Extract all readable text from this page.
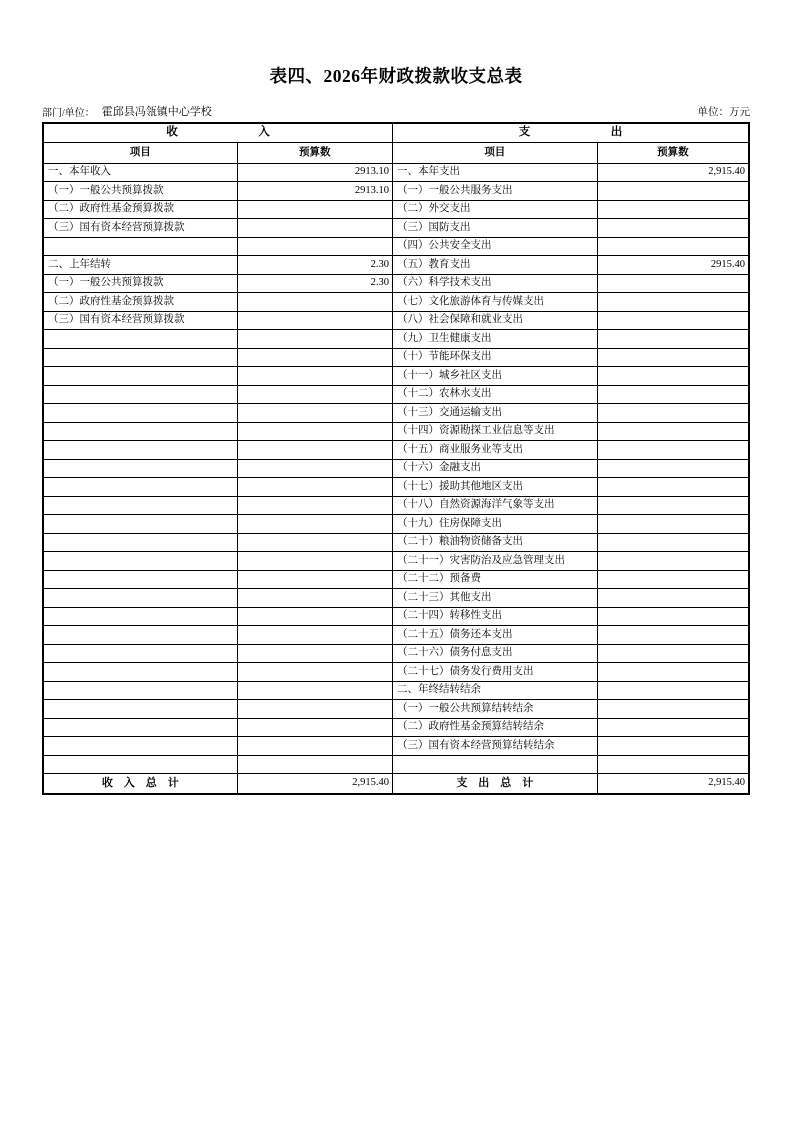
表四、2026年财政拨款收支总表
部门/单位： 霍邱县冯瓴镇中心学校	单位：万元
收　　　　　　　入		支　　　　　　　出	
项目	预算数	项目	预算数
一、本年收入	2913.10	一、本年支出	2,915.40
（一）一般公共预算拨款	2913.10	（一）一般公共服务支出	
（二）政府性基金预算拨款		（二）外交支出	
（三）国有资本经营预算拨款		（三）国防支出	
		（四）公共安全支出	
二、上年结转	2.30	（五）教育支出	2915.40
（一）一般公共预算拨款	2.30	（六）科学技术支出	
（二）政府性基金预算拨款		（七）文化旅游体育与传媒支出	
（三）国有资本经营预算拨款		（八）社会保障和就业支出	
		（九）卫生健康支出	
		（十）节能环保支出	
		（十一）城乡社区支出	
		（十二）农林水支出	
		（十三）交通运输支出	
		（十四）资源勘探工业信息等支出	
		（十五）商业服务业等支出	
		（十六）金融支出	
		（十七）援助其他地区支出	
		（十八）自然资源海洋气象等支出	
		（十九）住房保障支出	
		（二十）粮油物资储备支出	
		（二十一）灾害防治及应急管理支出	
		（二十二）预备费	
		（二十三）其他支出	
		（二十四）转移性支出	
		（二十五）债务还本支出	
		（二十六）债务付息支出	
		（二十七）债务发行费用支出	
		二、年终结转结余	
		（一）一般公共预算结转结余	
		（二）政府性基金预算结转结余	
		（三）国有资本经营预算结转结余	

收　入　总　计	2,915.40	支　出　总　计	2,915.40
